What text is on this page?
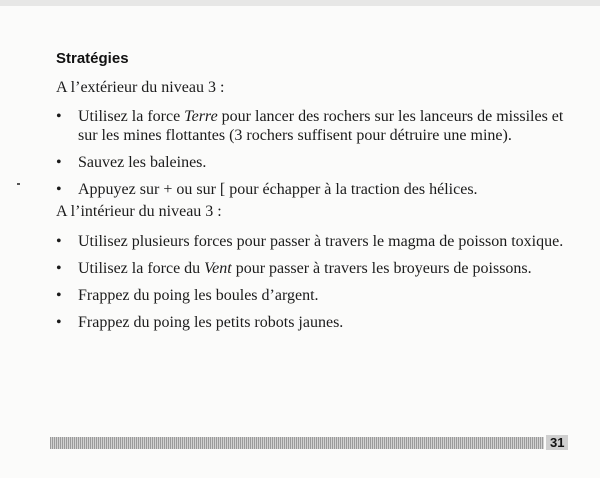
Stratégies

A l’extérieur du niveau 3 :

• Utilisez la force Terre pour lancer des rochers sur les lanceurs de missiles et sur les mines flottantes (3 rochers suffisent pour détruire une mine).
• Sauvez les baleines.
• Appuyez sur + ou sur [ pour échapper à la traction des hélices.

A l’intérieur du niveau 3 :

• Utilisez plusieurs forces pour passer à travers le magma de poisson toxique.
• Utilisez la force du Vent pour passer à travers les broyeurs de poissons.
• Frappez du poing les boules d’argent.
• Frappez du poing les petits robots jaunes.
31
